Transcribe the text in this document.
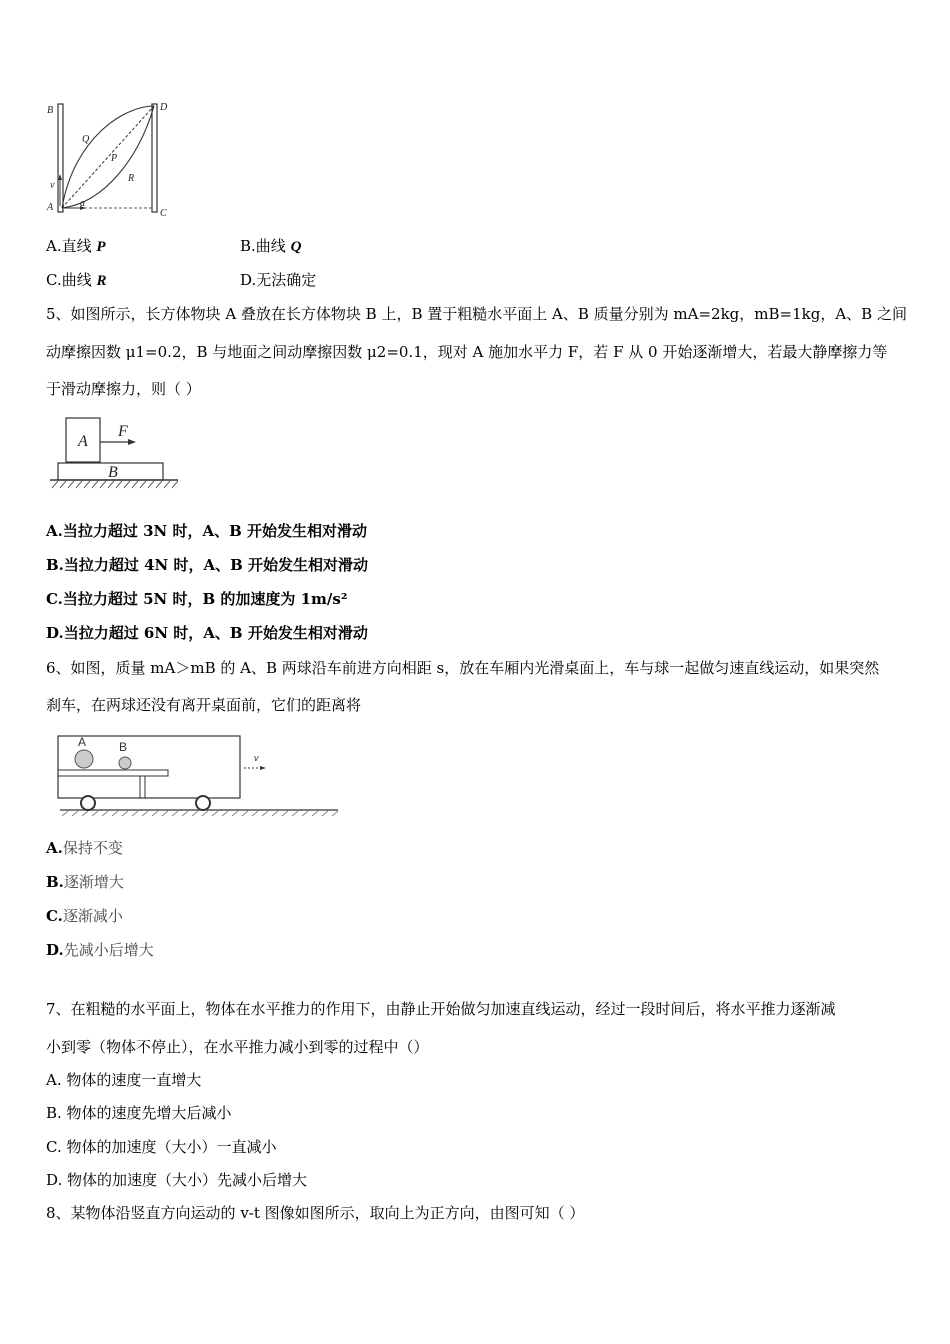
B	D
Q
P
R
v
A	a
C
A.直线 P	B.曲线 Q
C.曲线 R	D.无法确定
5、如图所示，长方体物块 A 叠放在长方体物块 B 上，B 置于粗糙水平面上 A、B 质量分别为 mA=2kg，mB=1kg，A、B 之间
动摩擦因数 μ1=0.2，B 与地面之间动摩擦因数 μ2=0.1，现对 A 施加水平力 F，若 F 从 0 开始逐渐增大，若最大静摩擦力等
于滑动摩擦力，则（ ）
A
F
B
A.当拉力超过 3N 时，A、B 开始发生相对滑动
B.当拉力超过 4N 时，A、B 开始发生相对滑动
C.当拉力超过 5N 时，B 的加速度为 1m/s²
D.当拉力超过 6N 时，A、B 开始发生相对滑动
6、如图，质量 mA＞mB 的 A、B 两球沿车前进方向相距 s，放在车厢内光滑桌面上，车与球一起做匀速直线运动，如果突然
刹车，在两球还没有离开桌面前，它们的距离将
A	B
v
A.保持不变
B.逐渐增大
C.逐渐减小
D.先减小后增大
7、在粗糙的水平面上，物体在水平推力的作用下，由静止开始做匀加速直线运动，经过一段时间后，将水平推力逐渐减
小到零（物体不停止），在水平推力减小到零的过程中（）
A. 物体的速度一直增大
B. 物体的速度先增大后减小
C. 物体的加速度（大小）一直减小
D. 物体的加速度（大小）先减小后增大
8、某物体沿竖直方向运动的 v-t 图像如图所示，取向上为正方向，由图可知（ ）
